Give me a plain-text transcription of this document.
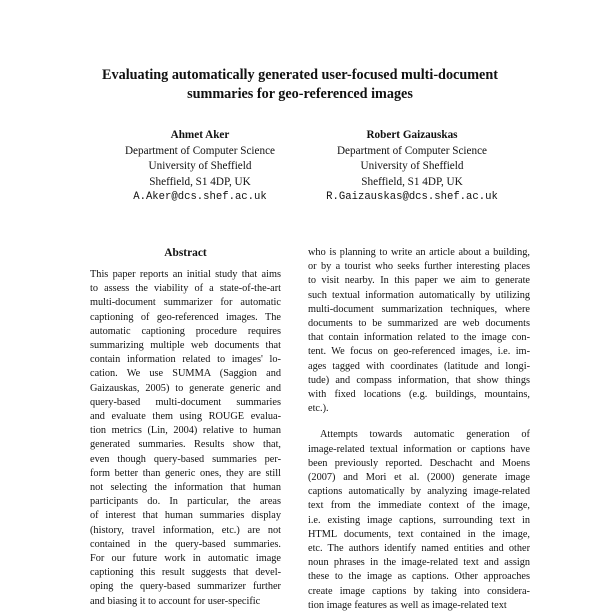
Evaluating automatically generated user-focused multi-document
summaries for geo-referenced images
Ahmet Aker
Department of Computer Science
University of Sheffield
Sheffield, S1 4DP, UK
A.Aker@dcs.shef.ac.uk
Robert Gaizauskas
Department of Computer Science
University of Sheffield
Sheffield, S1 4DP, UK
R.Gaizauskas@dcs.shef.ac.uk
Abstract
This paper reports an initial study that aims
to assess the viability of a state-of-the-art
multi-document summarizer for automatic
captioning of geo-referenced images. The
automatic captioning procedure requires
summarizing multiple web documents that
contain information related to images' lo-
cation. We use SUMMA (Saggion and
Gaizauskas, 2005) to generate generic and
query-based multi-document summaries
and evaluate them using ROUGE evalua-
tion metrics (Lin, 2004) relative to human
generated summaries. Results show that,
even though query-based summaries per-
form better than generic ones, they are still
not selecting the information that human
participants do. In particular, the areas
of interest that human summaries display
(history, travel information, etc.) are not
contained in the query-based summaries.
For our future work in automatic image
captioning this result suggests that devel-
oping the query-based summarizer further
and biasing it to account for user-specific
who is planning to write an article about a building,
or by a tourist who seeks further interesting places
to visit nearby. In this paper we aim to generate
such textual information automatically by utilizing
multi-document summarization techniques, where
documents to be summarized are web documents
that contain information related to the image con-
tent. We focus on geo-referenced images, i.e. im-
ages tagged with coordinates (latitude and longi-
tude) and compass information, that show things
with fixed locations (e.g. buildings, mountains,
etc.).
Attempts towards automatic generation of
image-related textual information or captions have
been previously reported. Deschacht and Moens
(2007) and Mori et al. (2000) generate image
captions automatically by analyzing image-related
text from the immediate context of the image,
i.e. existing image captions, surrounding text in
HTML documents, text contained in the image,
etc. The authors identify named entities and other
noun phrases in the image-related text and assign
these to the image as captions. Other approaches
create image captions by taking into considera-
tion image features as well as image-related text
